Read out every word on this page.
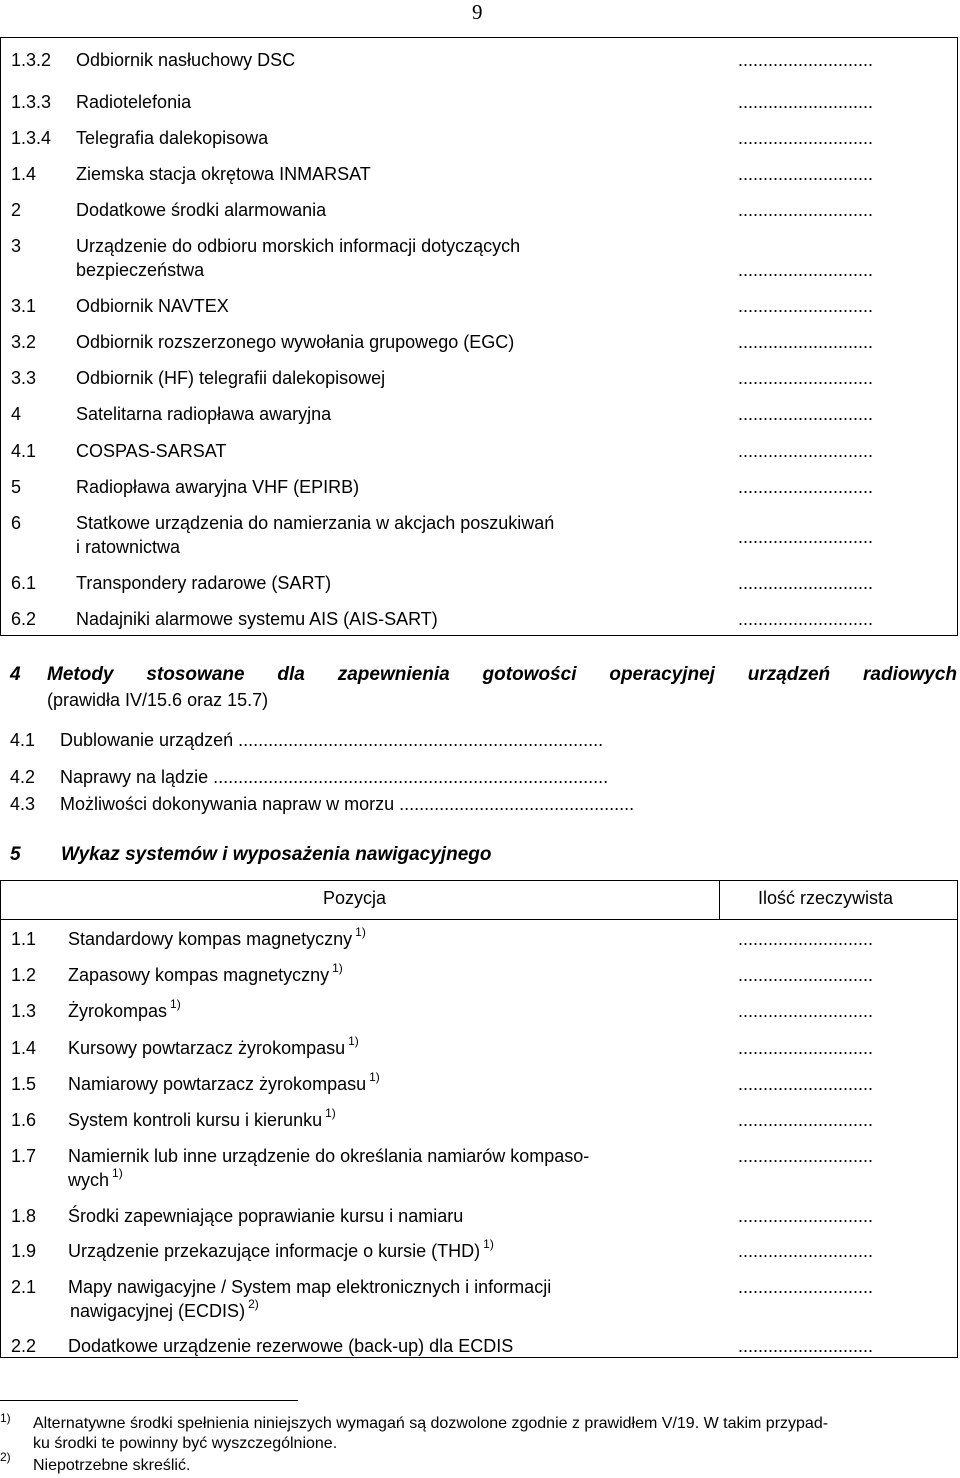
9
1.3.2 Odbiornik nasłuchowy DSC	...........................
1.3.3 Radiotelefonia	...........................
1.3.4 Telegrafia dalekopisowa	...........................
1.4 Ziemska stacja okrętowa INMARSAT	...........................
2	Dodatkowe środki alarmowania	...........................
3	Urządzenie do odbioru morskich informacji dotyczących
bezpieczeństwa	...........................
3.1 Odbiornik NAVTEX	...........................
3.2 Odbiornik rozszerzonego wywołania grupowego (EGC)	...........................
3.3 Odbiornik (HF) telegrafii dalekopisowej	...........................
4	Satelitarna radiopława awaryjna	...........................
4.1 COSPAS-SARSAT	...........................
5	Radiopława awaryjna VHF (EPIRB)	...........................
6	Statkowe urządzenia do namierzania w akcjach poszukiwań
i ratownictwa	...........................
6.1 Transpondery radarowe (SART)	...........................
6.2 Nadajniki alarmowe systemu AIS (AIS-SART)	...........................
4 Metody stosowane dla zapewnienia gotowości operacyjnej urządzeń radiowych
(prawidła IV/15.6 oraz 15.7)
4.1 Dublowanie urządzeń .........................................................................
4.2 Naprawy na lądzie ...............................................................................
4.3 Możliwości dokonywania napraw w morzu ...............................................
5 Wykaz systemów i wyposażenia nawigacyjnego
Pozycja	Ilość rzeczywista
1.1 Standardowy kompas magnetyczny $^{1)}$	...........................
1.2 Zapasowy kompas magnetyczny $^{1)}$	...........................
1.3 Żyrokompas $^{1)}$	...........................
1.4 Kursowy powtarzacz żyrokompasu $^{1)}$	...........................
1.5 Namiarowy powtarzacz żyrokompasu $^{1)}$	...........................
1.6 System kontroli kursu i kierunku $^{1)}$	...........................
1.7 Namiernik lub inne urządzenie do określania namiarów kompaso-
wych $^{1)}$
...........................
1.8 Środki zapewniające poprawianie kursu i namiaru	...........................
1.9 Urządzenie przekazujące informacje o kursie (THD) $^{1)}$	...........................
2.1 Mapy nawigacyjne / System map elektronicznych i informacji
nawigacyjnej (ECDIS) $^{2)}$
...........................
2.2 Dodatkowe urządzenie rezerwowe (back-up) dla ECDIS	...........................
1) Alternatywne środki spełnienia niniejszych wymagań są dozwolone zgodnie z prawidłem V/19. W takim przypad-
ku środki te powinny być wyszczególnione.
2) Niepotrzebne skreślić.
